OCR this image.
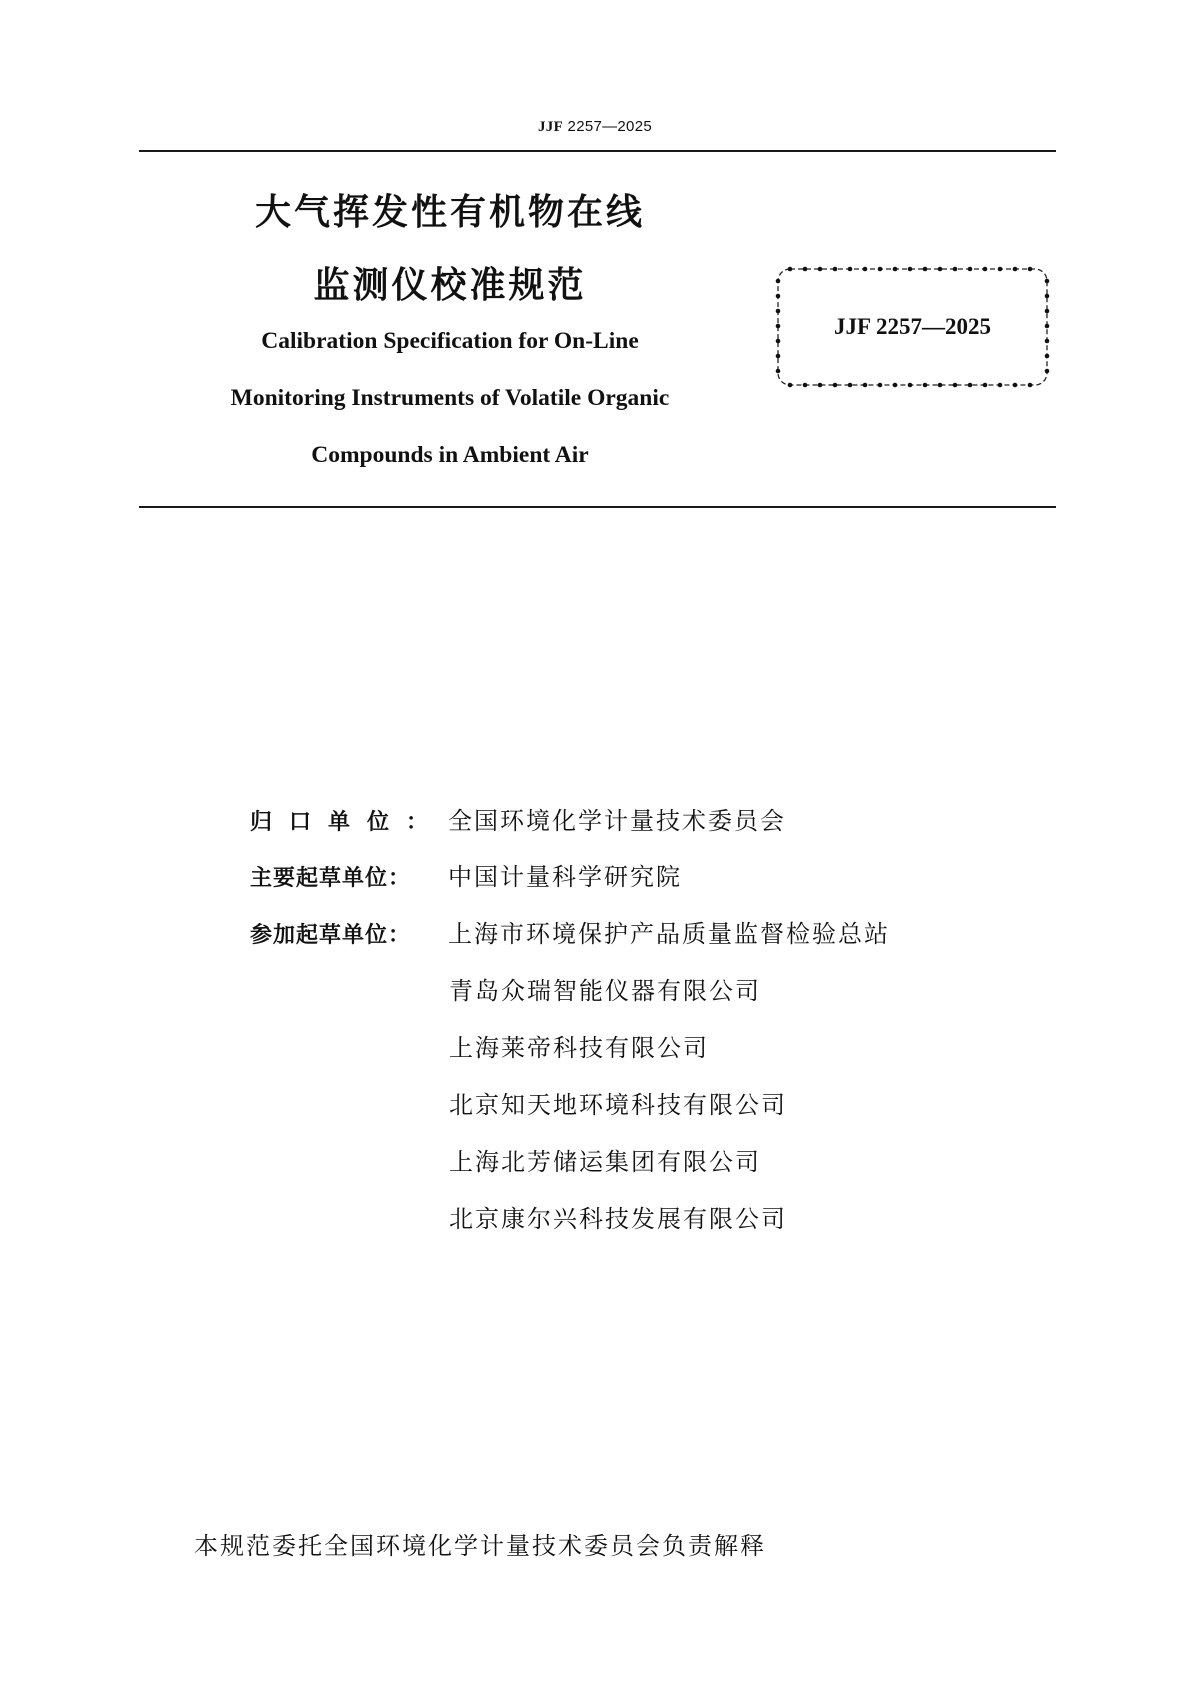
JJF 2257—2025
大气挥发性有机物在线
监测仪校准规范
Calibration Specification for On-Line
Monitoring Instruments of Volatile Organic
Compounds in Ambient Air
JJF 2257—2025
归口单位： 全国环境化学计量技术委员会
主要起草单位： 中国计量科学研究院
参加起草单位： 上海市环境保护产品质量监督检验总站
青岛众瑞智能仪器有限公司
上海莱帝科技有限公司
北京知天地环境科技有限公司
上海北芳储运集团有限公司
北京康尔兴科技发展有限公司
本规范委托全国环境化学计量技术委员会负责解释
